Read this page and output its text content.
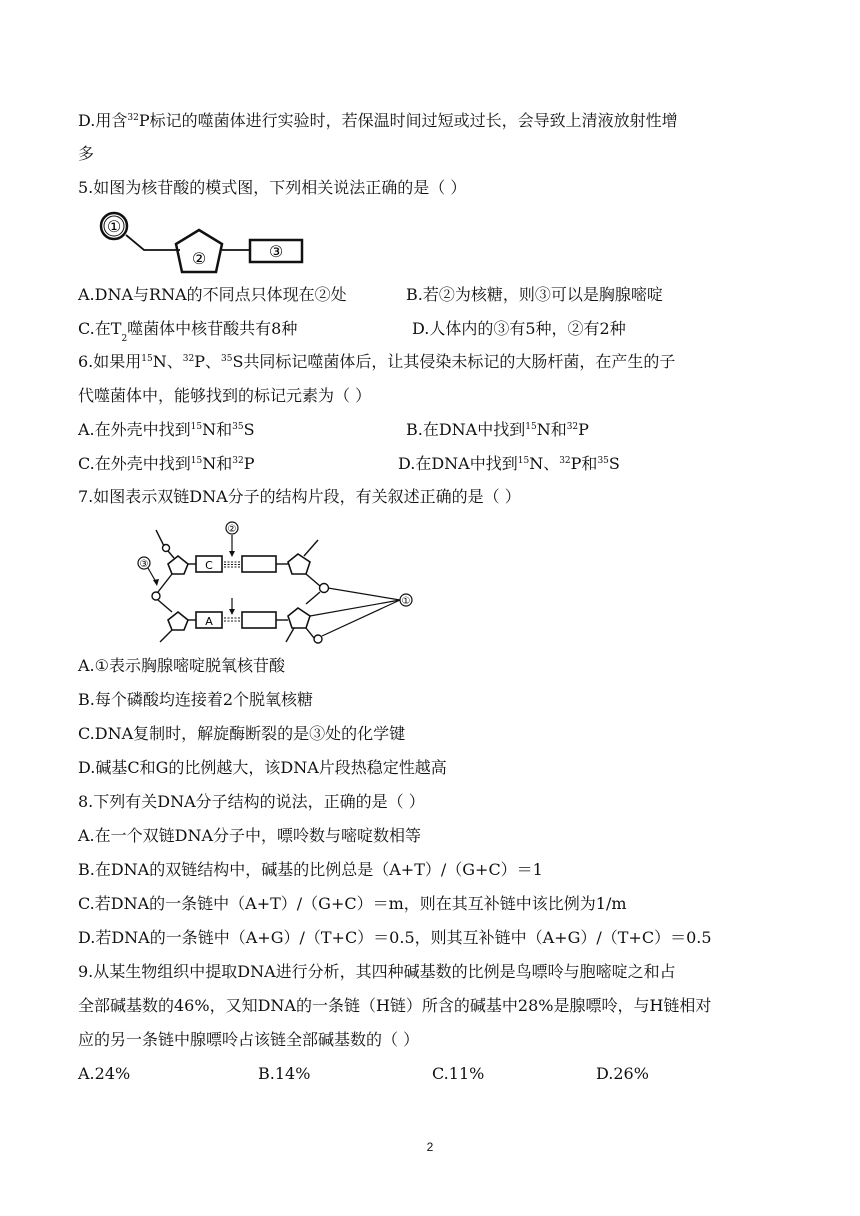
D.用含$^{32}$P标记的噬菌体进行实验时，若保温时间过短或过长，会导致上清液放射性增
多
5.如图为核苷酸的模式图，下列相关说法正确的是（ ）
①
②	③
A.DNA与RNA的不同点只体现在②处	B.若②为核糖，则③可以是胸腺嘧啶
C.在$T_2$噬菌体中核苷酸共有8种	D.人体内的③有5种，②有2种
6.如果用$^{15}$N、$^{32}$P、$^{35}$S共同标记噬菌体后，让其侵染未标记的大肠杆菌，在产生的子
代噬菌体中，能够找到的标记元素为（ ）
A.在外壳中找到$^{15}$N和$^{35}$S	B.在DNA中找到$^{15}$N和$^{32}$P
C.在外壳中找到$^{15}$N和$^{32}$P	D.在DNA中找到$^{15}$N、$^{32}$P和$^{35}$S
7.如图表示双链DNA分子的结构片段，有关叙述正确的是（ ）
②
③	C
A
①
A.①表示胸腺嘧啶脱氧核苷酸
B.每个磷酸均连接着2个脱氧核糖
C.DNA复制时，解旋酶断裂的是③处的化学键
D.碱基C和G的比例越大，该DNA片段热稳定性越高
8.下列有关DNA分子结构的说法，正确的是（ ）
A.在一个双链DNA分子中，嘌呤数与嘧啶数相等
B.在DNA的双链结构中，碱基的比例总是（A+T）/（G+C）＝1
C.若DNA的一条链中（A+T）/（G+C）＝m，则在其互补链中该比例为1/m
D.若DNA的一条链中（A+G）/（T+C）＝0.5，则其互补链中（A+G）/（T+C）＝0.5
9.从某生物组织中提取DNA进行分析，其四种碱基数的比例是鸟嘌呤与胞嘧啶之和占
全部碱基数的46%，又知DNA的一条链（H链）所含的碱基中28%是腺嘌呤，与H链相对
应的另一条链中腺嘌呤占该链全部碱基数的（ ）
A.24%	B.14%	C.11%	D.26%
2
